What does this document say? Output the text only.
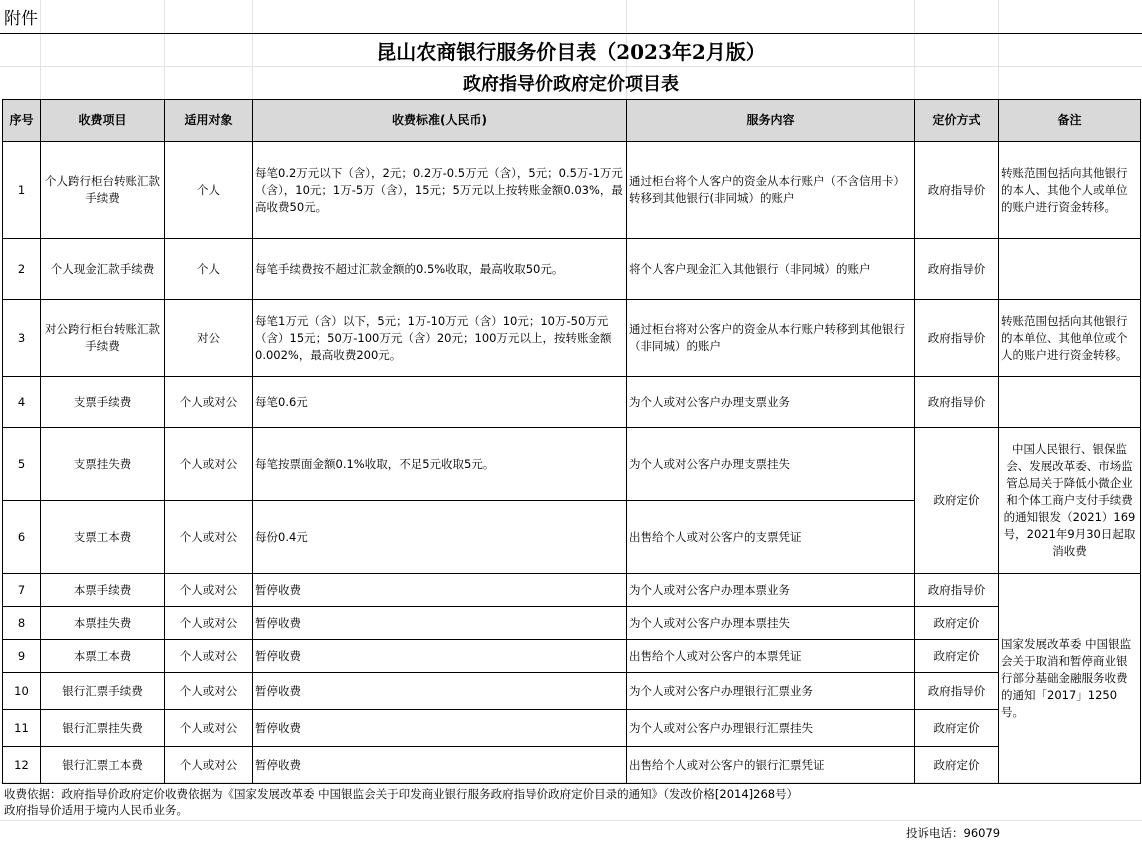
附件
昆山农商银行服务价目表（2023年2月版）
政府指导价政府定价项目表
序号	收费项目	适用对象	收费标准(人民币)	服务内容	定价方式	备注
1	个人跨行柜台转账汇款手续费	个人	每笔0.2万元以下（含），2元；0.2万-0.5万元（含），5元；0.5万-1万元（含），10元；1万-5万（含），15元；5万元以上按转账金额0.03%，最高收费50元。	通过柜台将个人客户的资金从本行账户（不含信用卡）转移到其他银行(非同城）的账户	政府指导价	转账范围包括向其他银行的本人、其他个人或单位的账户进行资金转移。
2	个人现金汇款手续费	个人	每笔手续费按不超过汇款金额的0.5%收取，最高收取50元。	将个人客户现金汇入其他银行（非同城）的账户	政府指导价	
3	对公跨行柜台转账汇款手续费	对公	每笔1万元（含）以下，5元；1万-10万元（含）10元；10万-50万元（含）15元；50万-100万元（含）20元；100万元以上，按转账金额0.002%，最高收费200元。	通过柜台将对公客户的资金从本行账户转移到其他银行（非同城）的账户	政府指导价	转账范围包括向其他银行的本单位、其他单位或个人的账户进行资金转移。
4	支票手续费	个人或对公	每笔0.6元	为个人或对公客户办理支票业务	政府指导价	
5	支票挂失费	个人或对公	每笔按票面金额0.1%收取，不足5元收取5元。	为个人或对公客户办理支票挂失	政府定价	中国人民银行、银保监会、发展改革委、市场监管总局关于降低小微企业和个体工商户支付手续费的通知银发（2021）169号，2021年9月30日起取消收费
6	支票工本费	个人或对公	每份0.4元	出售给个人或对公客户的支票凭证		
7	本票手续费	个人或对公	暂停收费	为个人或对公客户办理本票业务	政府指导价	国家发展改革委 中国银监会关于取消和暂停商业银行部分基础金融服务收费的通知「2017」1250号。
8	本票挂失费	个人或对公	暂停收费	为个人或对公客户办理本票挂失	政府定价	
9	本票工本费	个人或对公	暂停收费	出售给个人或对公客户的本票凭证	政府定价	
10	银行汇票手续费	个人或对公	暂停收费	为个人或对公客户办理银行汇票业务	政府指导价	
11	银行汇票挂失费	个人或对公	暂停收费	为个人或对公客户办理银行汇票挂失	政府定价	
12	银行汇票工本费	个人或对公	暂停收费	出售给个人或对公客户的银行汇票凭证	政府定价	
收费依据：政府指导价政府定价收费依据为《国家发展改革委 中国银监会关于印发商业银行服务政府指导价政府定价目录的通知》（发改价格[2014]268号）
政府指导价适用于境内人民币业务。
投诉电话：96079
